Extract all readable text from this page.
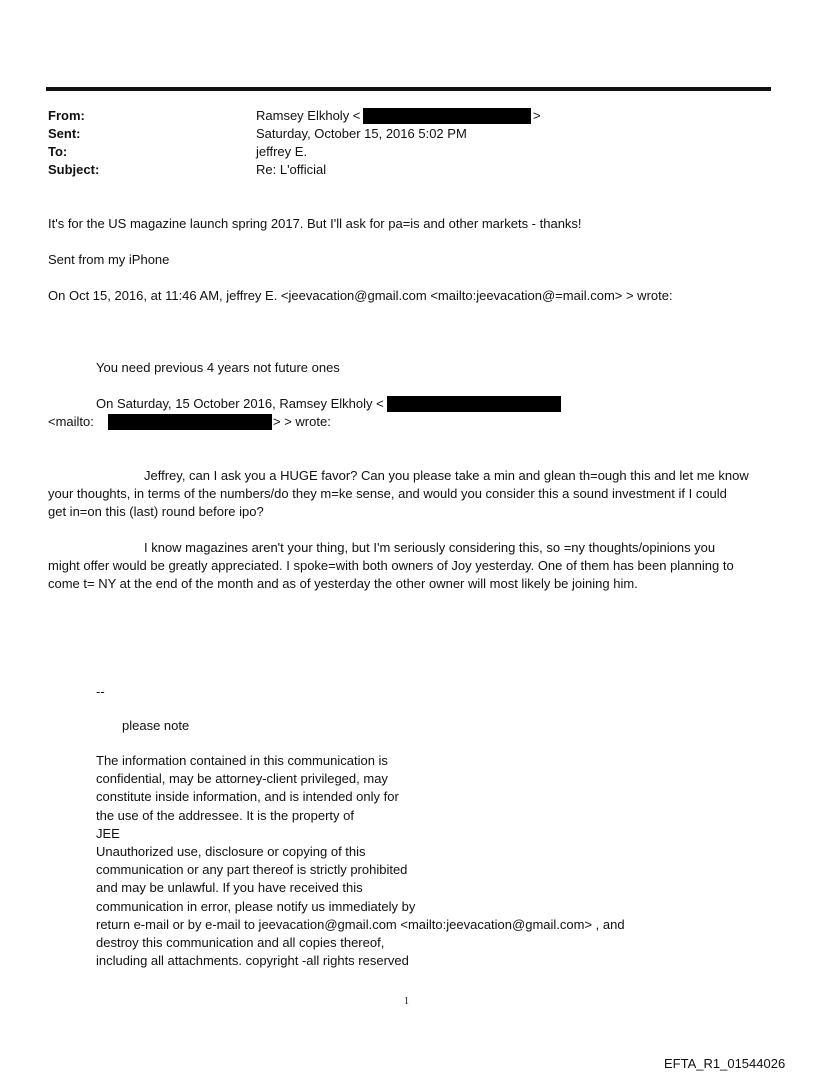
From:
Sent:
To:
Subject:
Ramsey Elkholy <	>
Saturday, October 15, 2016 5:02 PM
jeffrey E.
Re: L'official
It's for the US magazine launch spring 2017. But I'll ask for pa=is and other markets - thanks!
Sent from my iPhone
On Oct 15, 2016, at 11:46 AM, jeffrey E. <jeevacation@gmail.com <mailto:jeevacation@=mail.com> > wrote:
You need previous 4 years not future ones
On Saturday, 15 October 2016, Ramsey Elkholy <
<mailto:	> > wrote:
Jeffrey, can I ask you a HUGE favor? Can you please take a min and glean th=ough this and let me know
your thoughts, in terms of the numbers/do they m=ke sense, and would you consider this a sound investment if I could
get in=on this (last) round before ipo?
I know magazines aren't your thing, but I'm seriously considering this, so =ny thoughts/opinions you
might offer would be greatly appreciated. I spoke=with both owners of Joy yesterday. One of them has been planning to
come t= NY at the end of the month and as of yesterday the other owner will most likely be joining him.
--
please note
The information contained in this communication is
confidential, may be attorney-client privileged, may
constitute inside information, and is intended only for
the use of the addressee. It is the property of
JEE
Unauthorized use, disclosure or copying of this
communication or any part thereof is strictly prohibited
and may be unlawful. If you have received this
communication in error, please notify us immediately by
return e-mail or by e-mail to jeevacation@gmail.com <mailto:jeevacation@gmail.com> , and
destroy this communication and all copies thereof,
including all attachments. copyright -all rights reserved
1
EFTA_R1_01544026
